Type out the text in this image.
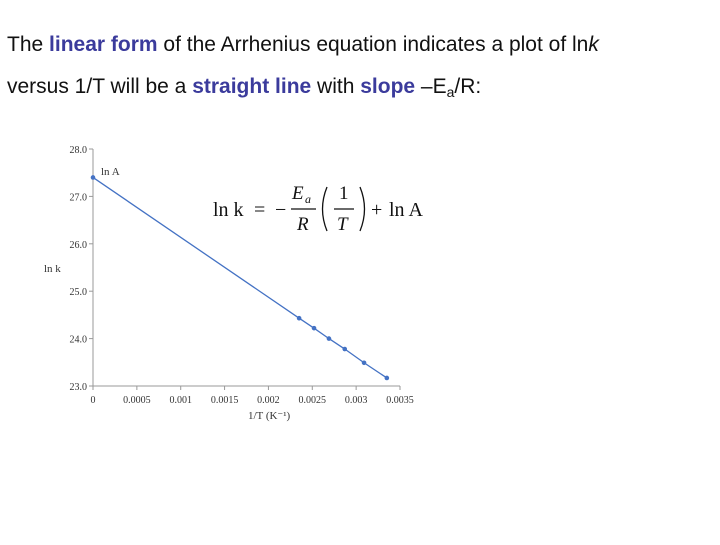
The linear form of the Arrhenius equation indicates a plot of lnk
versus 1/T will be a straight line with slope $-E_a/R$:

23.0
24.0
25.0
26.0
27.0
28.0
0	0.0005 0.001 0.0015 0.002 0.0025 0.003 0.0035
ln k
1/T (K⁻¹)
ln A
ln k = −
E a
R
1
T
+ ln A
